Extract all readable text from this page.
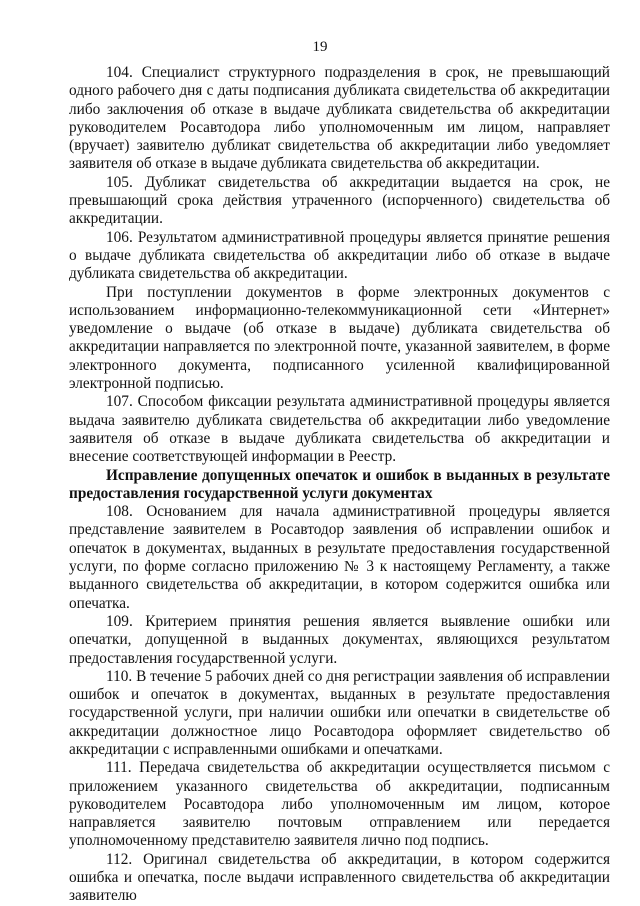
19

104. Специалист структурного подразделения в срок, не превышающий одного рабочего дня с даты подписания дубликата свидетельства об аккредитации либо заключения об отказе в выдаче дубликата свидетельства об аккредитации руководителем Росавтодора либо уполномоченным им лицом, направляет (вручает) заявителю дубликат свидетельства об аккредитации либо уведомляет заявителя об отказе в выдаче дубликата свидетельства об аккредитации.

105. Дубликат свидетельства об аккредитации выдается на срок, не превышающий срока действия утраченного (испорченного) свидетельства об аккредитации.

106. Результатом административной процедуры является принятие решения о выдаче дубликата свидетельства об аккредитации либо об отказе в выдаче дубликата свидетельства об аккредитации.

При поступлении документов в форме электронных документов с использованием информационно-телекоммуникационной сети «Интернет» уведомление о выдаче (об отказе в выдаче) дубликата свидетельства об аккредитации направляется по электронной почте, указанной заявителем, в форме электронного документа, подписанного усиленной квалифицированной электронной подписью.

107. Способом фиксации результата административной процедуры является выдача заявителю дубликата свидетельства об аккредитации либо уведомление заявителя об отказе в выдаче дубликата свидетельства об аккредитации и внесение соответствующей информации в Реестр.

Исправление допущенных опечаток и ошибок в выданных в результате предоставления государственной услуги документах

108. Основанием для начала административной процедуры является представление заявителем в Росавтодор заявления об исправлении ошибок и опечаток в документах, выданных в результате предоставления государственной услуги, по форме согласно приложению № 3 к настоящему Регламенту, а также выданного свидетельства об аккредитации, в котором содержится ошибка или опечатка.

109. Критерием принятия решения является выявление ошибки или опечатки, допущенной в выданных документах, являющихся результатом предоставления государственной услуги.

110. В течение 5 рабочих дней со дня регистрации заявления об исправлении ошибок и опечаток в документах, выданных в результате предоставления государственной услуги, при наличии ошибки или опечатки в свидетельстве об аккредитации должностное лицо Росавтодора оформляет свидетельство об аккредитации с исправленными ошибками и опечатками.

111. Передача свидетельства об аккредитации осуществляется письмом с приложением указанного свидетельства об аккредитации, подписанным руководителем Росавтодора либо уполномоченным им лицом, которое направляется заявителю почтовым отправлением или передается уполномоченному представителю заявителя лично под подпись.

112. Оригинал свидетельства об аккредитации, в котором содержится ошибка и опечатка, после выдачи исправленного свидетельства об аккредитации заявителю
